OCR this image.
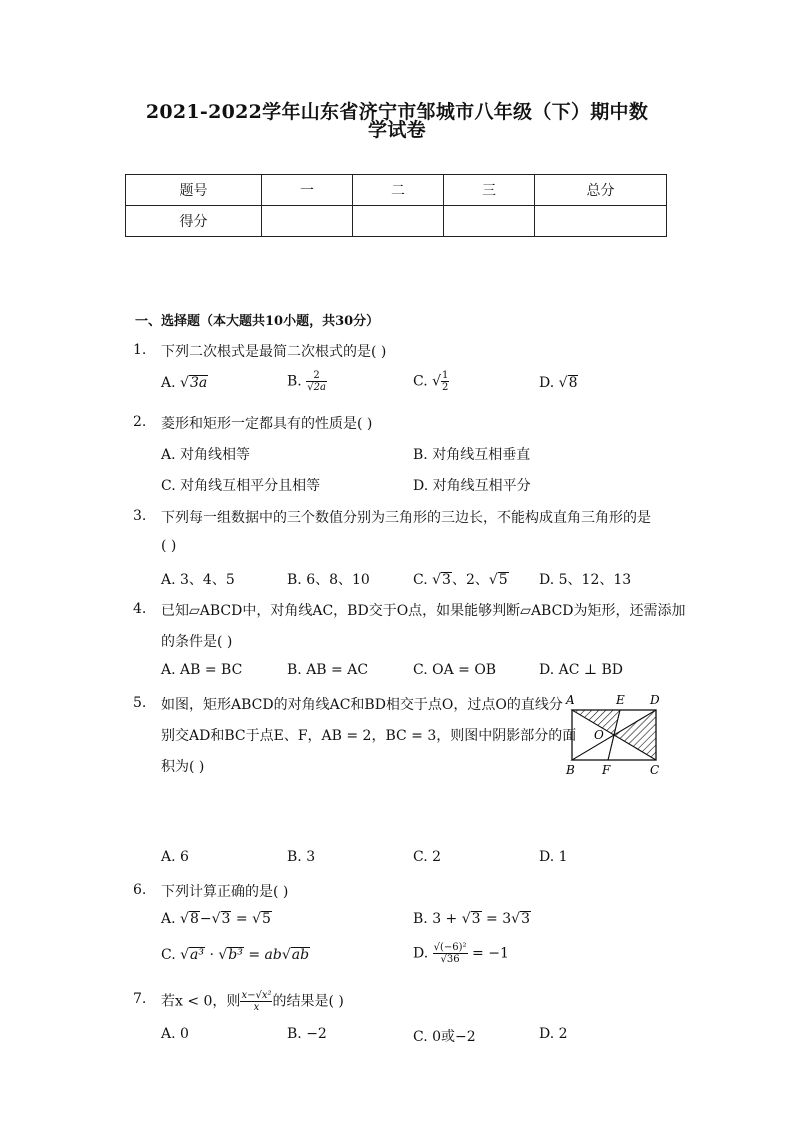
2021-2022学年山东省济宁市邹城市八年级（下）期中数
学试卷
题号	一	二	三	总分
得分				
一、选择题（本大题共10小题，共30分）
1. 下列二次根式是最简二次根式的是( )
A. √3a	B. $\frac{2}{√2a}$	C. √ $\frac{1}{2}$	D. √8
2. 菱形和矩形一定都具有的性质是( )
A. 对角线相等	B. 对角线互相垂直
C. 对角线互相平分且相等	D. 对角线互相平分
3. 下列每一组数据中的三个数值分别为三角形的三边长，不能构成直角三角形的是
( )
A. 3、4、5	B. 6、8、10	C. √3、2、√5 D. 5、12、13
4. 已知▱ABCD中，对角线AC，BD交于O点，如果能够判断▱ABCD为矩形，还需添加
的条件是( )
A. AB = BC	B. AB = AC	C. OA = OB	D. AC ⊥ BD
5. 如图，矩形ABCD的对角线AC和BD相交于点O，过点O的直线分
别交AD和BC于点E、F，AB = 2，BC = 3，则图中阴影部分的面
积为( )
A	E D
O
B F	C
A. 6	B. 3	C. 2	D. 1
6. 下列计算正确的是( )
A. √8−√3 = √5	B. 3 + √3 = 3√3
C. √a³ · √b³ = ab√ab	D. $\frac{\text{√(−6)²}}{√36} = -1$
7. 若x < 0，则 $\frac{\text{x−√x²}}{x}$ 的结果是( )
A. 0	B. −2	C. 0或−2	D. 2
